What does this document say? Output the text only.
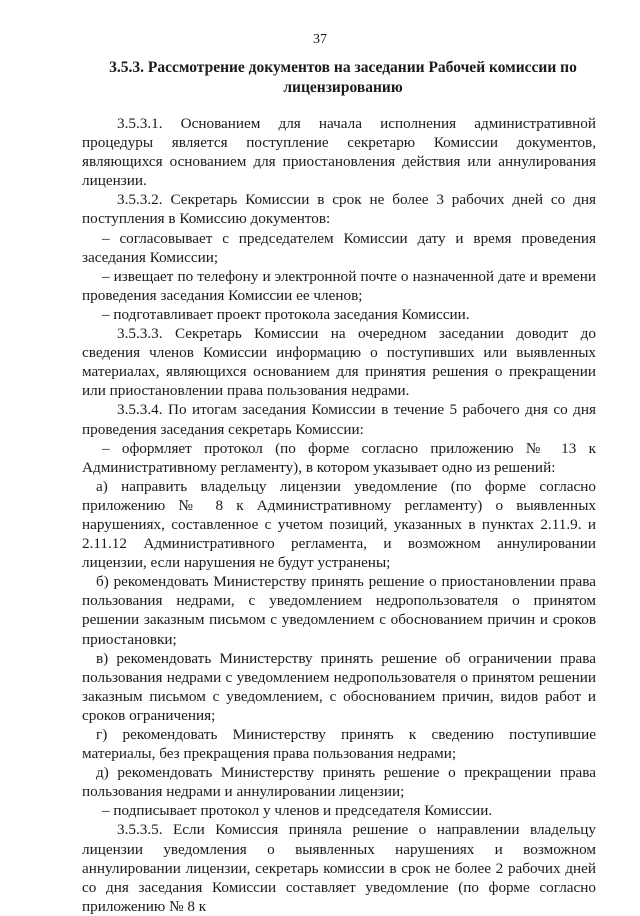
37
3.5.3. Рассмотрение документов на заседании Рабочей комиссии по лицензированию

3.5.3.1. Основанием для начала исполнения административной процедуры является поступление секретарю Комиссии документов, являющихся основанием для приостановления действия или аннулирования лицензии.

3.5.3.2. Секретарь Комиссии в срок не более 3 рабочих дней со дня поступления в Комиссию документов:

– согласовывает с председателем Комиссии дату и время проведения заседания Комиссии;

– извещает по телефону и электронной почте о назначенной дате и времени проведения заседания Комиссии ее членов;

– подготавливает проект протокола заседания Комиссии.

3.5.3.3. Секретарь Комиссии на очередном заседании доводит до сведения членов Комиссии информацию о поступивших или выявленных материалах, являющихся основанием для принятия решения о прекращении или приостановлении права пользования недрами.

3.5.3.4. По итогам заседания Комиссии в течение 5 рабочего дня со дня проведения заседания секретарь Комиссии:

– оформляет протокол (по форме согласно приложению № 13 к Административному регламенту), в котором указывает одно из решений:

а) направить владельцу лицензии уведомление (по форме согласно приложению № 8 к Административному регламенту) о выявленных нарушениях, составленное с учетом позиций, указанных в пунктах 2.11.9. и 2.11.12 Административного регламента, и возможном аннулировании лицензии, если нарушения не будут устранены;

б) рекомендовать Министерству принять решение о приостановлении права пользования недрами, с уведомлением недропользователя о принятом решении заказным письмом с уведомлением с обоснованием причин и сроков приостановки;

в) рекомендовать Министерству принять решение об ограничении права пользования недрами с уведомлением недропользователя о принятом решении заказным письмом с уведомлением, с обоснованием причин, видов работ и сроков ограничения;

г) рекомендовать Министерству принять к сведению поступившие материалы, без прекращения права пользования недрами;

д) рекомендовать Министерству принять решение о прекращении права пользования недрами и аннулировании лицензии;

– подписывает протокол у членов и председателя Комиссии.

3.5.3.5. Если Комиссия приняла решение о направлении владельцу лицензии уведомления о выявленных нарушениях и возможном аннулировании лицензии, секретарь комиссии в срок не более 2 рабочих дней со дня заседания Комиссии составляет уведомление (по форме согласно приложению № 8 к
